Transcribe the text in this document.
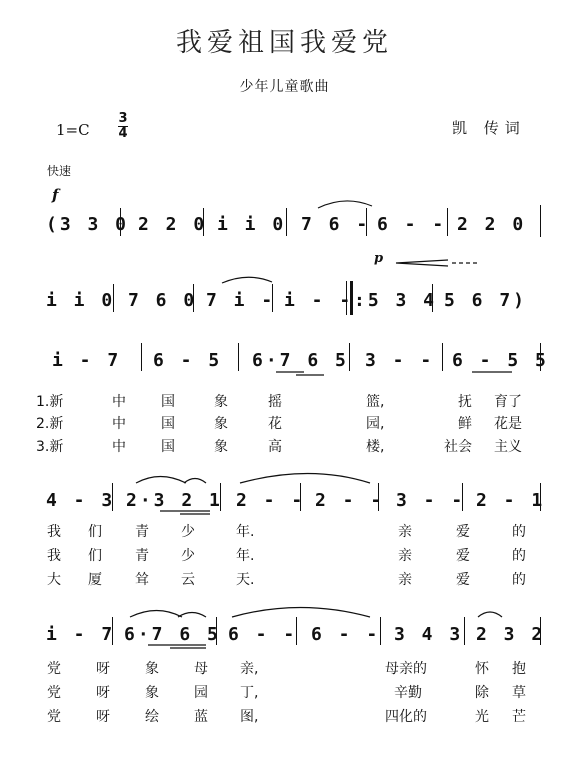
我爱祖国我爱党
少年儿童歌曲
1=C
3
4	凯 传词
快速
f
p
(3 3 0 2 2 0 i i 0 7 6 - 6 - - 2 2 0
i i 0 7 6 0 7 i - i - - :5 3 4 5 6 7)
i - 7 6 - 5 6·7 6 5 3 - - 6 - 5 5
1.新	中	国	象	摇	篮,	抚 育了
2.新	中	国	象	花	园,	鲜 花是
3.新	中	国	象	高	楼,	社会 主义
4 - 3 2·3 2 1 2 - - 2 - - 3 - - 2 - 1
我 们 青 少	年.	亲	爱	的
我 们 青 少	年.	亲	爱	的
大 厦 耸 云	天.	亲	爱	的
i - 7 6·7 6 5 6 - - 6 - - 3 4 3 2 3 2
党	呀	象	母 亲,	母亲的	怀 抱
党	呀	象	园 丁,	辛勤	除 草
党	呀	绘	蓝 图,	四化的	光 芒
